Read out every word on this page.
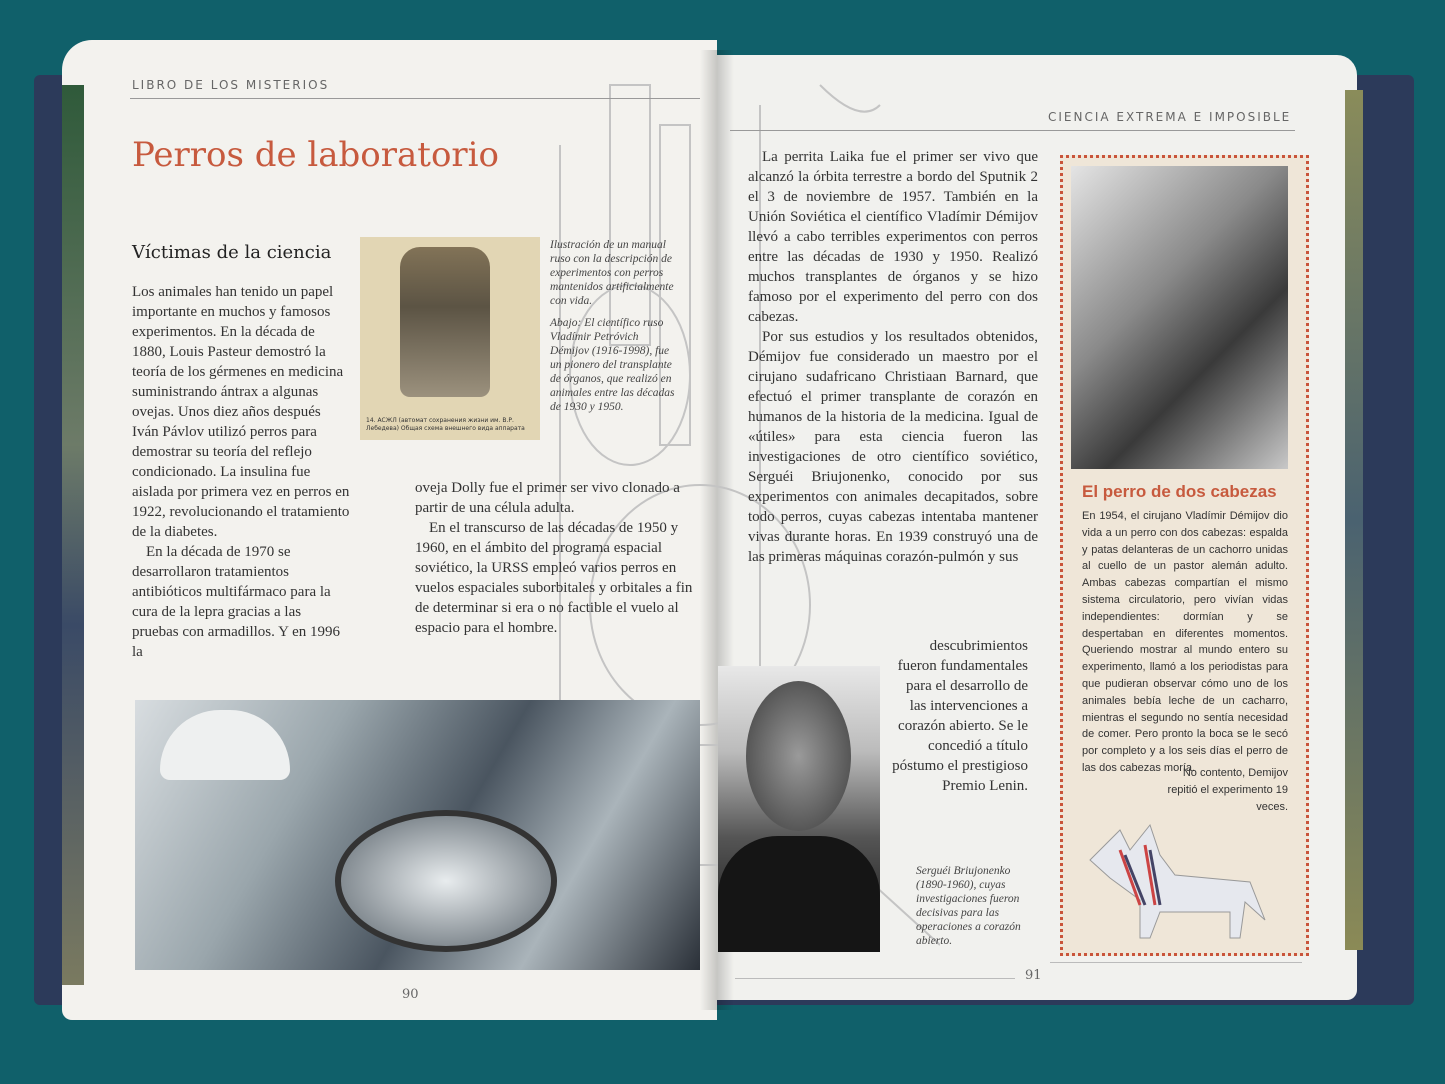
LIBRO DE LOS MISTERIOS
CIENCIA EXTREMA E IMPOSIBLE
Perros de laboratorio
Víctimas de la ciencia
Los animales han tenido un papel importante en muchos y famosos experimentos. En la década de 1880, Louis Pasteur demostró la teoría de los gérmenes en medicina suministrando ántrax a algunas ovejas. Unos diez años después Iván Pávlov utilizó perros para demostrar su teoría del reflejo condicionado. La insulina fue aislada por primera vez en perros en 1922, revolucionando el tratamiento de la diabetes.
En la década de 1970 se desarrollaron tratamientos antibióticos multifármaco para la cura de la lepra gracias a las pruebas con armadillos. Y en 1996 la
oveja Dolly fue el primer ser vivo clonado a partir de una célula adulta.
En el transcurso de las décadas de 1950 y 1960, en el ámbito del programa espacial soviético, la URSS empleó varios perros en vuelos espaciales suborbitales y orbitales a fin de determinar si era o no factible el vuelo al espacio para el hombre.
14. АСЖЛ (автомат сохранения жизни им. В.Р. Лебедева) Общая схема внешнего вида аппарата
Ilustración de un manual ruso con la descripción de experimentos con perros mantenidos artificialmente con vida.
Abajo: El científico ruso Vladímir Petróvich Démijov (1916-1998), fue un pionero del transplante de órganos, que realizó en animales entre las décadas de 1930 y 1950.
90
91
La perrita Laika fue el primer ser vivo que alcanzó la órbita terrestre a bordo del Sputnik 2 el 3 de noviembre de 1957. También en la Unión Soviética el científico Vladímir Démijov llevó a cabo terribles experimentos con perros entre las décadas de 1930 y 1950. Realizó muchos transplantes de órganos y se hizo famoso por el experimento del perro con dos cabezas.
Por sus estudios y los resultados obtenidos, Démijov fue considerado un maestro por el cirujano sudafricano Christiaan Barnard, que efectuó el primer transplante de corazón en humanos de la historia de la medicina. Igual de «útiles» para esta ciencia fueron las investigaciones de otro científico soviético, Serguéi Briujonenko, conocido por sus experimentos con animales decapitados, sobre todo perros, cuyas cabezas intentaba mantener vivas durante horas. En 1939 construyó una de las primeras máquinas corazón-pulmón y sus
descubrimientos fueron fundamentales para el desarrollo de las intervenciones a corazón abierto. Se le concedió a título póstumo el prestigioso Premio Lenin.
Serguéi Briujonenko (1890-1960), cuyas investigaciones fueron decisivas para las operaciones a corazón abierto.
El perro de dos cabezas
En 1954, el cirujano Vladímir Démijov dio vida a un perro con dos cabezas: espalda y patas delanteras de un cachorro unidas al cuello de un pastor alemán adulto. Ambas cabezas compartían el mismo sistema circulatorio, pero vivían vidas independientes: dormían y se despertaban en diferentes momentos. Queriendo mostrar al mundo entero su experimento, llamó a los periodistas para que pudieran observar cómo uno de los animales bebía leche de un cacharro, mientras el segundo no sentía necesidad de comer. Pero pronto la boca se le secó por completo y a los seis días el perro de las dos cabezas moría.
No contento, Demijov repitió el experimento 19 veces.
